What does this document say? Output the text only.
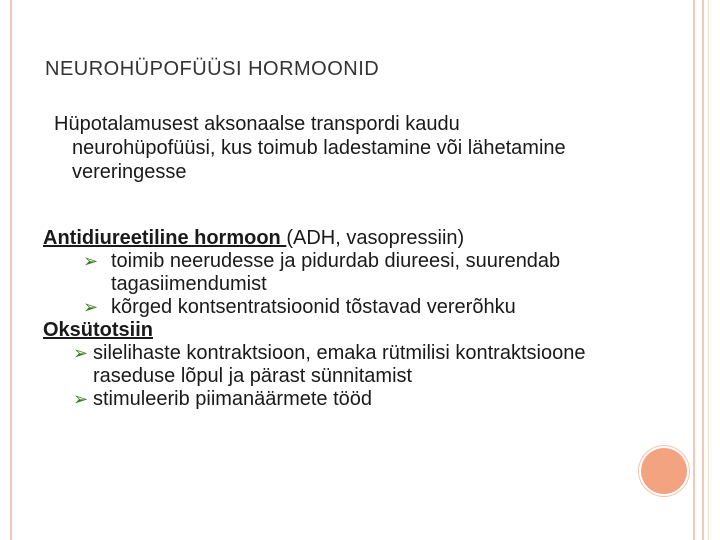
NEUROHÜPOFÜÜSI HORMOONID
Hüpotalamusest aksonaalse transpordi kaudu neurohüpofüüsi, kus toimub ladestamine või lähetamine vereringesse
Antidiureetiline hormoon (ADH, vasopressiin)
➢ toimib neerudesse ja pidurdab diureesi, suurendab tagasiimendumist
➢ kõrged kontsentratsioonid tõstavad vererõhku
Oksütotsiin
➢ silelihaste kontraktsioon, emaka rütmilisi kontraktsioone raseduse lõpul ja pärast sünnitamist
➢ stimuleerib piimanäärmete tööd
